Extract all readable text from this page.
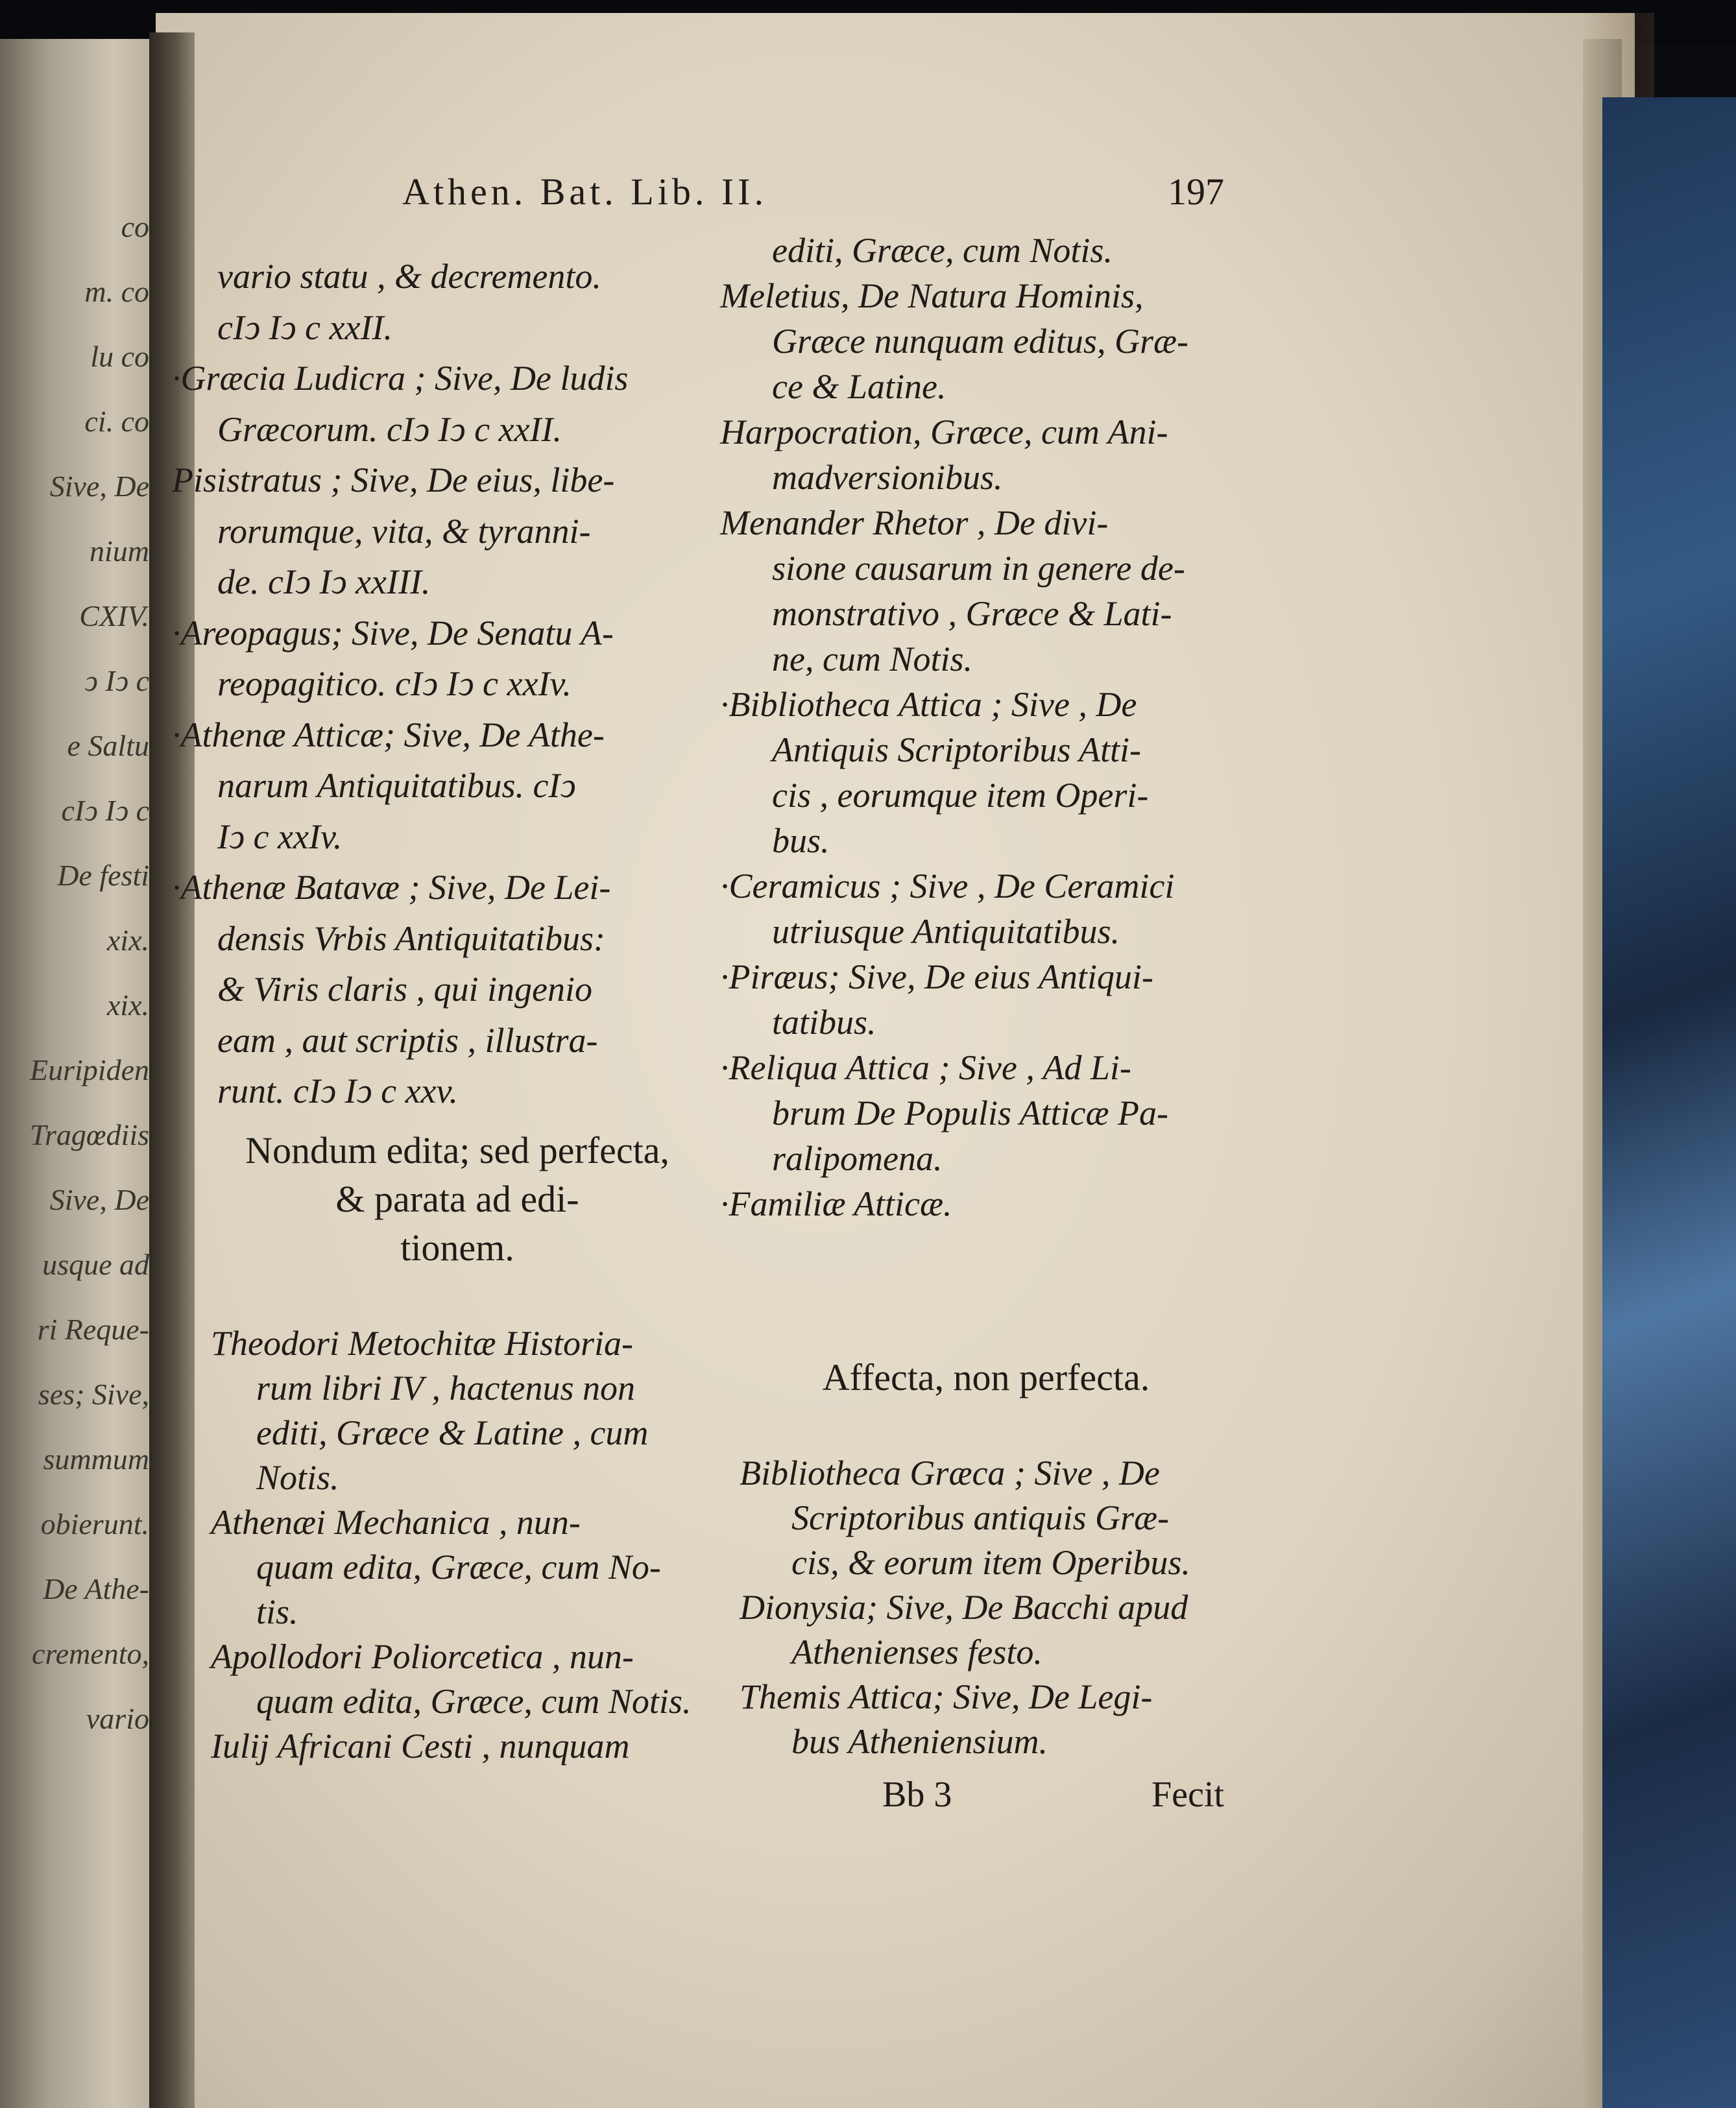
co
m. co
lu co
ci. co
Sive, De
nium
CXIV.
ↄ Iↄ c
e Saltu
cIↄ Iↄ c
De festi
xix.
xix.
Euripiden
Tragœdiis
Sive, De
usque ad
ri Reque-
ses; Sive,
summum
obierunt.
De Athe-
cremento,
vario
Athen. Bat. Lib. II.	197
vario statu , & decremento.
cIↄ Iↄ c xxII.
·Græcia Ludicra ; Sive, De ludis
Græcorum. cIↄ Iↄ c xxII.
Pisistratus ; Sive, De eius, libe-
rorumque, vita, & tyranni-
de. cIↄ Iↄ xxIII.
·Areopagus; Sive, De Senatu A-
reopagitico. cIↄ Iↄ c xxIv.
·Athenæ Atticæ; Sive, De Athe-
narum Antiquitatibus. cIↄ
Iↄ c xxIv.
·Athenæ Batavæ ; Sive, De Lei-
densis Vrbis Antiquitatibus:
& Viris claris , qui ingenio
eam , aut scriptis , illustra-
runt. cIↄ Iↄ c xxv.
Nondum edita; sed perfecta,
& parata ad edi-
tionem.
Theodori Metochitæ Historia-
rum libri IV , hactenus non
editi, Græce & Latine , cum
Notis.
Athenæi Mechanica , nun-
quam edita, Græce, cum No-
tis.
Apollodori Poliorcetica , nun-
quam edita, Græce, cum Notis.
Iulij Africani Cesti , nunquam
editi, Græce, cum Notis.
Meletius, De Natura Hominis,
Græce nunquam editus, Græ-
ce & Latine.
Harpocration, Græce, cum Ani-
madversionibus.
Menander Rhetor , De divi-
sione causarum in genere de-
monstrativo , Græce & Lati-
ne, cum Notis.
·Bibliotheca Attica ; Sive , De
Antiquis Scriptoribus Atti-
cis , eorumque item Operi-
bus.
·Ceramicus ; Sive , De Ceramici
utriusque Antiquitatibus.
·Piræus; Sive, De eius Antiqui-
tatibus.
·Reliqua Attica ; Sive , Ad Li-
brum De Populis Atticæ Pa-
ralipomena.
·Familiæ Atticæ.
Affecta, non perfecta.
Bibliotheca Græca ; Sive , De
Scriptoribus antiquis Græ-
cis, & eorum item Operibus.
Dionysia; Sive, De Bacchi apud
Athenienses festo.
Themis Attica; Sive, De Legi-
bus Atheniensium.
Bb 3	Fecit
